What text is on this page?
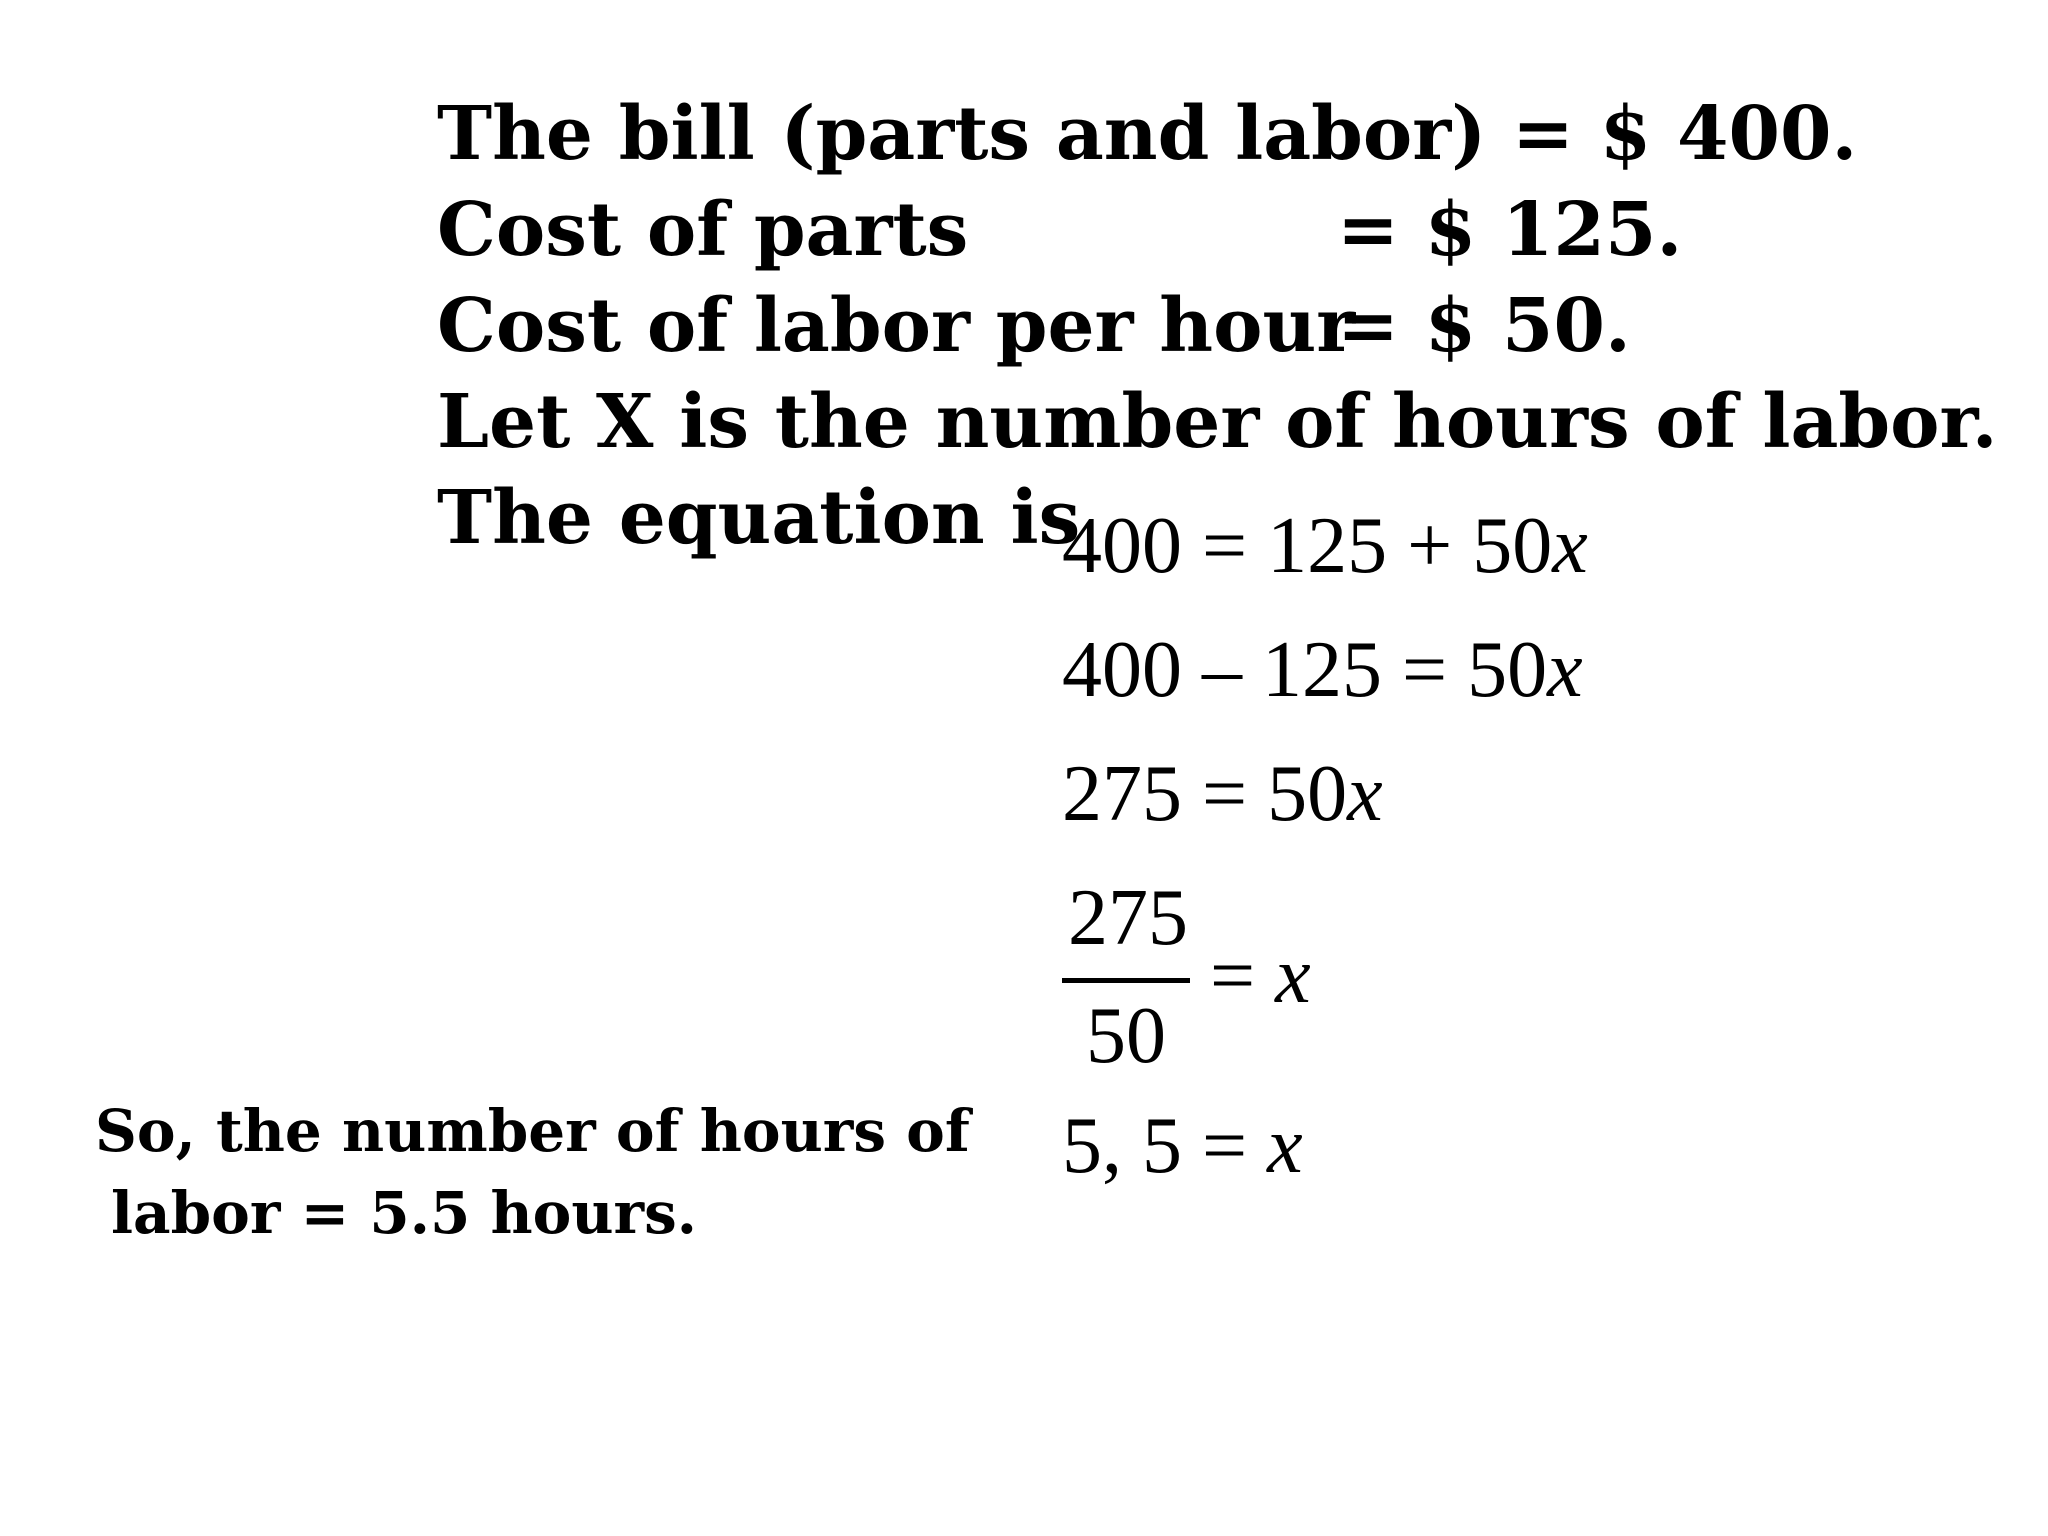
The bill (parts and labor) = $ 400.
Cost of parts	= $ 125.
Cost of labor per hour
= $ 50.
Let X is the number of hours of labor.
The equation is
400 = 125 + 50x
400 – 125 = 50x
275 = 50x
275
50
= x
5, 5 = x
So, the number of hours of
labor = 5.5 hours.
